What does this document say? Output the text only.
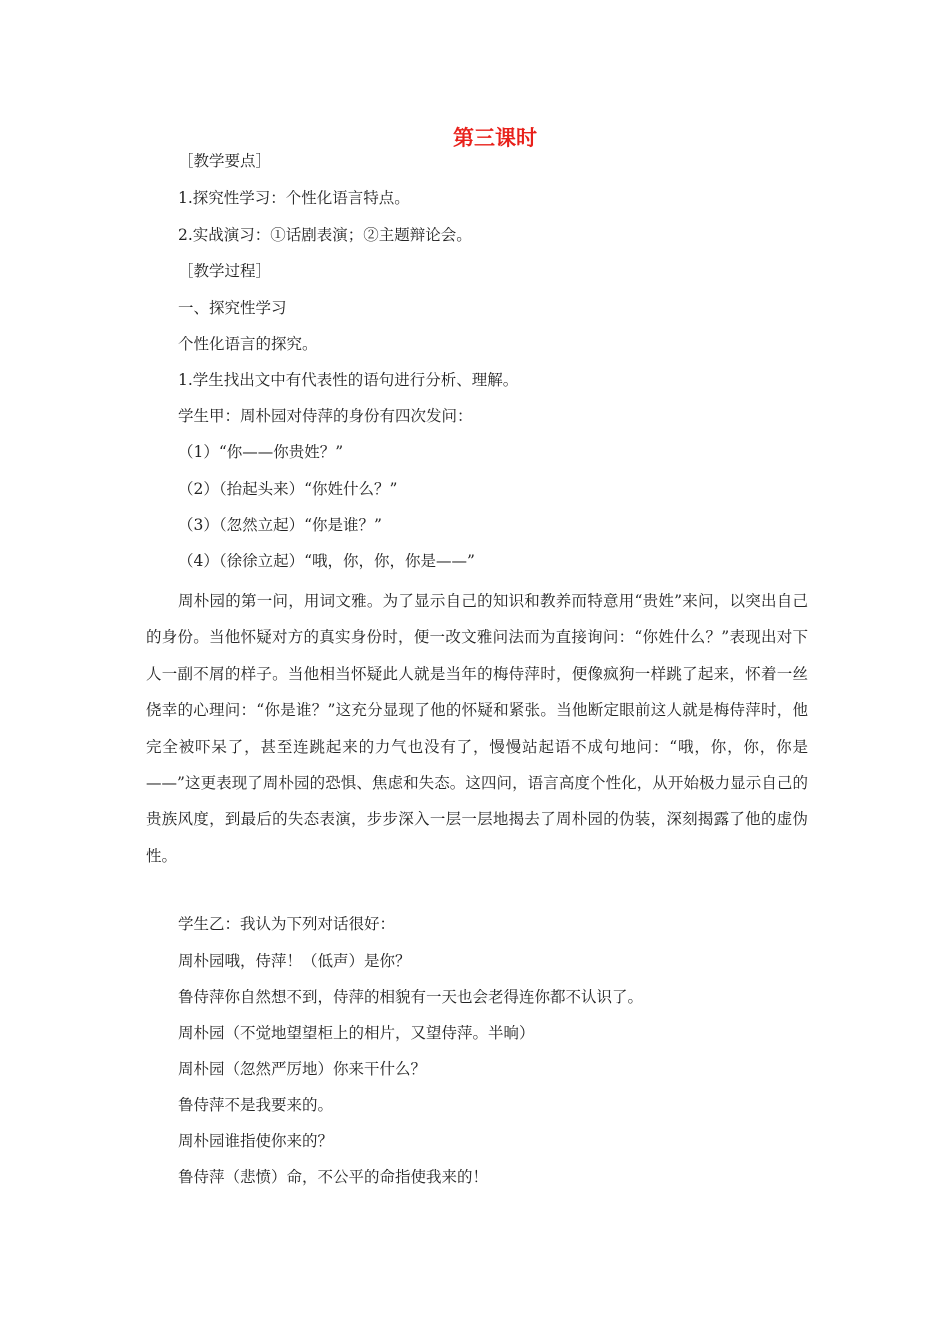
第三课时

［教学要点］

1.探究性学习：个性化语言特点。

2.实战演习：①话剧表演；②主题辩论会。

［教学过程］

一、探究性学习

个性化语言的探究。

1.学生找出文中有代表性的语句进行分析、理解。

学生甲：周朴园对侍萍的身份有四次发问：

（1）“你——你贵姓？”

（2）（抬起头来）“你姓什么？”

（3）（忽然立起）“你是谁？”

（4）（徐徐立起）“哦，你，你，你是——”

周朴园的第一问，用词文雅。为了显示自己的知识和教养而特意用“贵姓”来问，以突出自己的身份。当他怀疑对方的真实身份时，便一改文雅问法而为直接询问：“你姓什么？”表现出对下人一副不屑的样子。当他相当怀疑此人就是当年的梅侍萍时，便像疯狗一样跳了起来，怀着一丝侥幸的心理问：“你是谁？”这充分显现了他的怀疑和紧张。当他断定眼前这人就是梅侍萍时，他完全被吓呆了，甚至连跳起来的力气也没有了，慢慢站起语不成句地问：“哦，你，你，你是——”这更表现了周朴园的恐惧、焦虑和失态。这四问，语言高度个性化，从开始极力显示自己的贵族风度，到最后的失态表演，步步深入一层一层地揭去了周朴园的伪装，深刻揭露了他的虚伪性。

学生乙：我认为下列对话很好：

周朴园哦，侍萍！（低声）是你？

鲁侍萍你自然想不到，侍萍的相貌有一天也会老得连你都不认识了。

周朴园（不觉地望望柜上的相片，又望侍萍。半晌）

周朴园（忽然严厉地）你来干什么？

鲁侍萍不是我要来的。

周朴园谁指使你来的？

鲁侍萍（悲愤）命，不公平的命指使我来的！
